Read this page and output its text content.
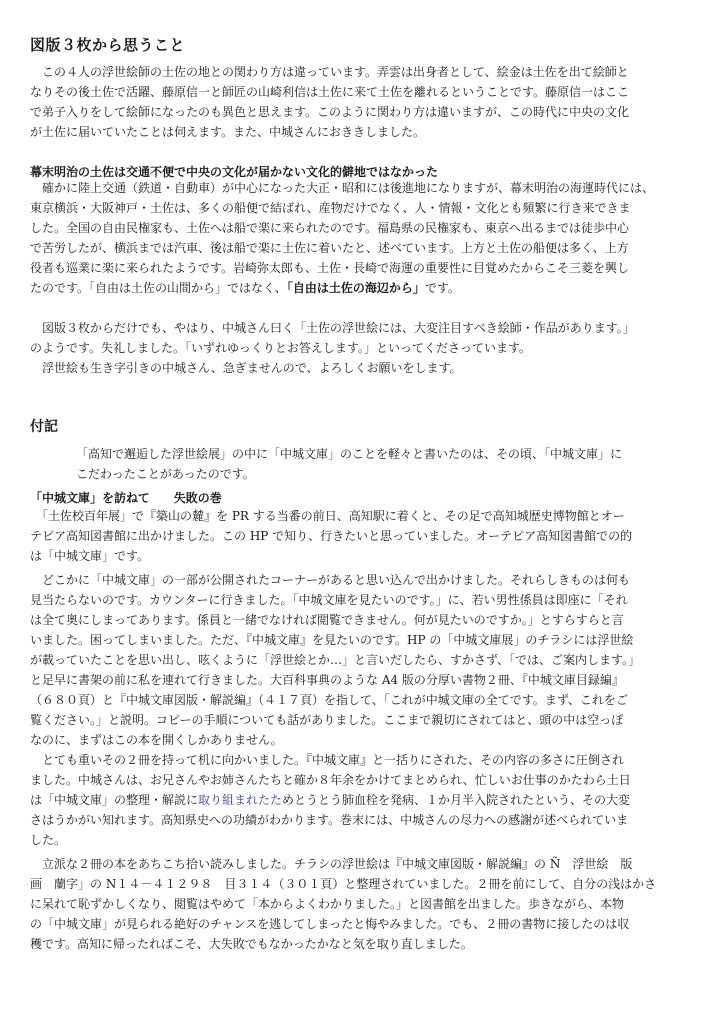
図版３枚から思うこと

　この４人の浮世絵師の土佐の地との関わり方は違っています。弄雲は出身者として、絵金は土佐を出て絵師と

なりその後土佐で活躍、藤原信一と師匠の山崎利信は土佐に来て土佐を離れるということです。藤原信一はここ

で弟子入りをして絵師になったのも異色と思えます。このように関わり方は違いますが、この時代に中央の文化

が土佐に届いていたことは伺えます。また、中城さんにおききしました。

幕末明治の土佐は交通不便で中央の文化が届かない文化的僻地ではなかった

　確かに陸上交通（鉄道・自動車）が中心になった大正・昭和には後進地になりますが、幕末明治の海運時代には、

東京横浜・大阪神戸・土佐は、多くの船便で結ばれ、産物だけでなく、人・情報・文化とも頻繁に行き来できま

した。全国の自由民権家も、土佐へは船で楽に来られたのです。福島県の民権家も、東京へ出るまでは徒歩中心

で苦労したが、横浜までは汽車、後は船で楽に土佐に着いたと、述べています。上方と土佐の船便は多く、上方

役者も巡業に楽に来られたようです。岩崎弥太郎も、土佐・長崎で海運の重要性に目覚めたからこそ三菱を興し

たのです。「自由は土佐の山間から」ではなく、「自由は土佐の海辺から」です。

　図版３枚からだけでも、やはり、中城さん曰く「土佐の浮世絵には、大変注目すべき絵師・作品があります。」

のようです。失礼しました。「いずれゆっくりとお答えします。」といってくださっています。

　浮世絵も生き字引きの中城さん、急ぎませんので、よろしくお願いをします。

付記

「高知で邂逅した浮世絵展」の中に「中城文庫」のことを軽々と書いたのは、その頃、「中城文庫」に

こだわったことがあったのです。

「中城文庫」を訪ねて　　失敗の巻

　「土佐校百年展」で『築山の麓』を PR する当番の前日、高知駅に着くと、その足で高知城歴史博物館とオー

テピア高知図書館に出かけました。この HP で知り、行きたいと思っていました。オーテピア高知図書館での的

は「中城文庫」です。

　どこかに「中城文庫」の一部が公開されたコーナーがあると思い込んで出かけました。それらしきものは何も

見当たらないのです。カウンターに行きました。「中城文庫を見たいのです。」に、若い男性係員は即座に「それ

は全て奥にしまってあります。係員と一緒でなければ閲覧できません。何が見たいのですか。」とすらすらと言

いました。困ってしまいました。ただ、『中城文庫』を見たいのです。HP の「中城文庫展」のチラシには浮世絵

が載っていたことを思い出し、呟くように「浮世絵とか…」と言いだしたら、すかさず、「では、ご案内します。」

と足早に書架の前に私を連れて行きました。大百科事典のような A4 版の分厚い書物２冊、『中城文庫目録編』

（６８０頁）と『中城文庫図版・解説編』（４１７頁）を指して、「これが中城文庫の全てです。まず、これをご

覧ください。」と説明。コピーの手順についても話がありました。ここまで親切にされてはと、頭の中は空っぽ

なのに、まずはこの本を開くしかありません。

　とても重いその２冊を持って机に向かいました。『中城文庫』と一括りにされた、その内容の多さに圧倒され

ました。中城さんは、お兄さんやお姉さんたちと確か８年余をかけてまとめられ、忙しいお仕事のかたわら土日

は「中城文庫」の整理・解説に取り組まれたためとうとう肺血栓を発病、１か月半入院されたという、その大変

さはうかがい知れます。高知県史への功績がわかります。巻末には、中城さんの尽力への感謝が述べられていま

した。

　立派な２冊の本をあちこち拾い読みしました。チラシの浮世絵は『中城文庫図版・解説編』の Ñ　浮世絵　版

画　蘭字」の N１４－４１２９８　目３１４（３０１頁）と整理されていました。２冊を前にして、自分の浅はかさ

に呆れて恥ずかしくなり、閲覧はやめて「本からよくわかりました。」と図書館を出ました。歩きながら、本物

の「中城文庫」が見られる絶好のチャンスを逃してしまったと悔やみました。でも、２冊の書物に接したのは収

穫です。高知に帰ったればこそ、大失敗でもなかったかなと気を取り直しました。
